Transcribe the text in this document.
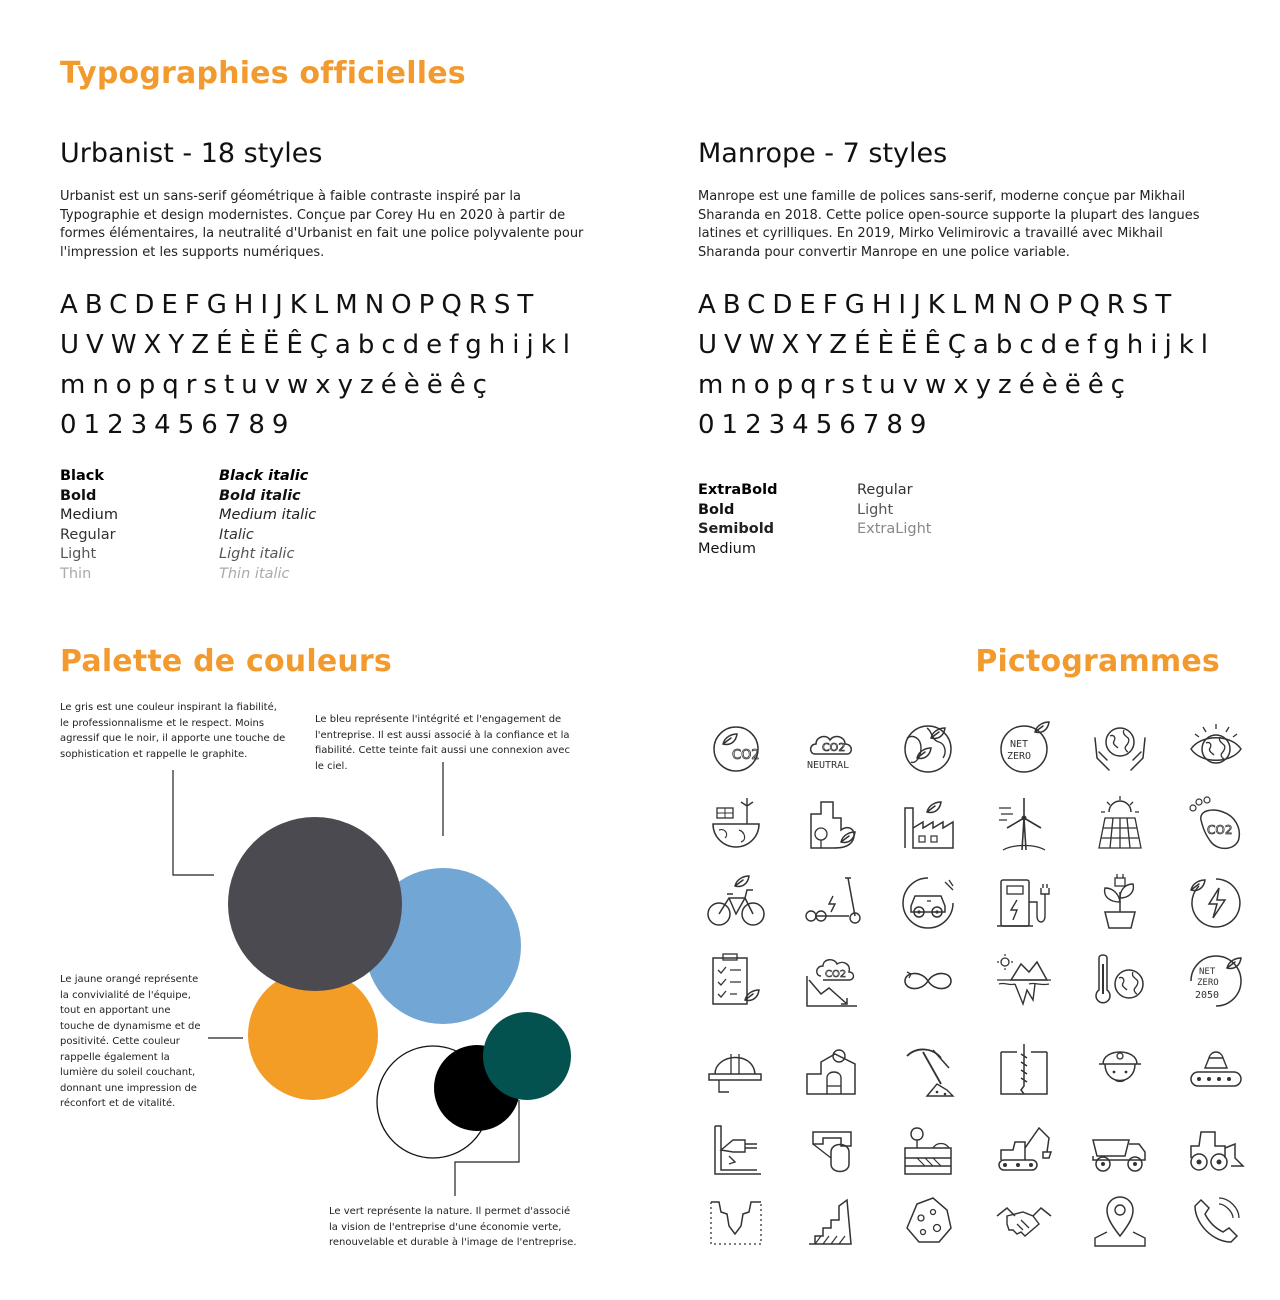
Typographies officielles
Palette de couleurs	Pictogrammes
Urbanist - 18 styles
Urbanist est un sans-serif géométrique à faible contraste inspiré par la Typographie et design modernistes. Conçue par Corey Hu en 2020 à partir de formes élémentaires, la neutralité d'Urbanist en fait une police polyvalente pour l'impression et les supports numériques.
ABCDEFGHIJKLMNOPQRST
UVWXYZÉÈËÊÇabcdefghijkl
mnopqrstuvwxyzéèëêç
0123456789
Black
Bold
Medium
Regular
Light
Thin
Black italic
Bold italic
Medium italic
Italic
Light italic
Thin italic
Manrope - 7 styles
Manrope est une famille de polices sans-serif, moderne conçue par Mikhail Sharanda en 2018. Cette police open-source supporte la plupart des langues latines et cyrilliques. En 2019, Mirko Velimirovic a travaillé avec Mikhail Sharanda pour convertir Manrope en une police variable.
ABCDEFGHIJKLMNOPQRST
UVWXYZÉÈËÊÇabcdefghijkl
mnopqrstuvwxyzéèëêç
0123456789
ExtraBold
Bold
Semibold
Medium
Regular
Light
ExtraLight
Le gris est une couleur inspirant la fiabilité, le professionnalisme et le respect. Moins agressif que le noir, il apporte une touche de sophistication et rappelle le graphite.
Le bleu représente l'intégrité et l'engagement de l'entreprise. Il est aussi associé à la confiance et la fiabilité. Cette teinte fait aussi une connexion avec le ciel.
Le jaune orangé représente la convivialité de l'équipe, tout en apportant une touche de dynamisme et de positivité. Cette couleur rappelle également la lumière du soleil couchant, donnant une impression de réconfort et de vitalité.
Le vert représente la nature. Il permet d'associé la vision de l'entreprise d'une économie verte, renouvelable et durable à l'image de l'entreprise.
CO2
CO2
NEUTRAL
NET
ZERO
CO2
CO2	NET
ZERO
2050
